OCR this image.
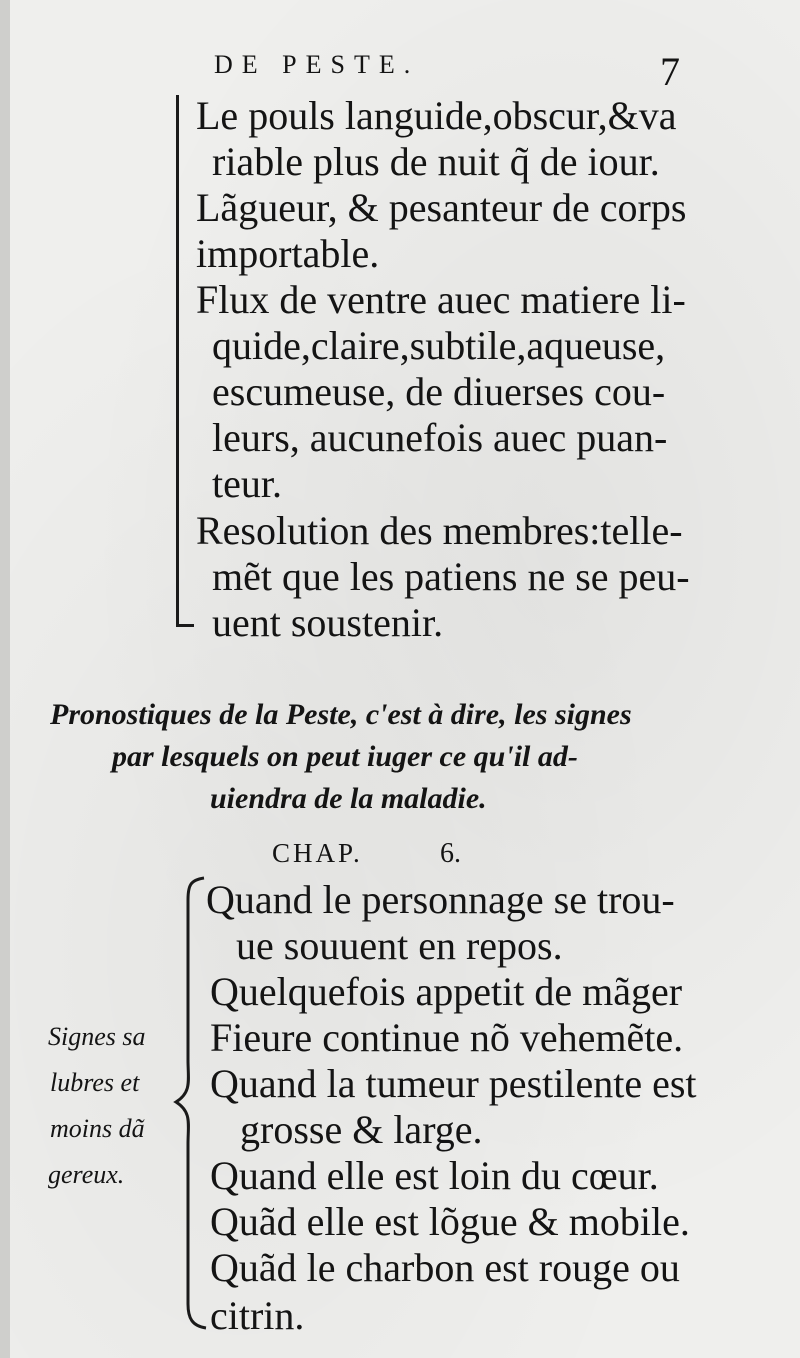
DE PESTE.	7
Le pouls languide,obscur,&va
riable plus de nuit q̃ de iour.
Lãgueur, & pesanteur de corps
importable.
Flux de ventre auec matiere li-
quide,claire,subtile,aqueuse,
escumeuse, de diuerses cou-
leurs, aucunefois auec puan-
teur.
Resolution des membres:telle-
mẽt que les patiens ne se peu-
uent soustenir.
Pronostiques de la Peste, c'est à dire, les signes
par lesquels on peut iuger ce qu'il ad-
uiendra de la maladie.
CHAP.	6.
Signes sa
lubres et
moins dã
gereux.
Quand le personnage se trou-
ue souuent en repos.
Quelquefois appetit de mãger
Fieure continue nõ vehemẽte.
Quand la tumeur pestilente est
grosse & large.
Quand elle est loin du cœur.
Quãd elle est lõgue & mobile.
Quãd le charbon est rouge ou
citrin.
